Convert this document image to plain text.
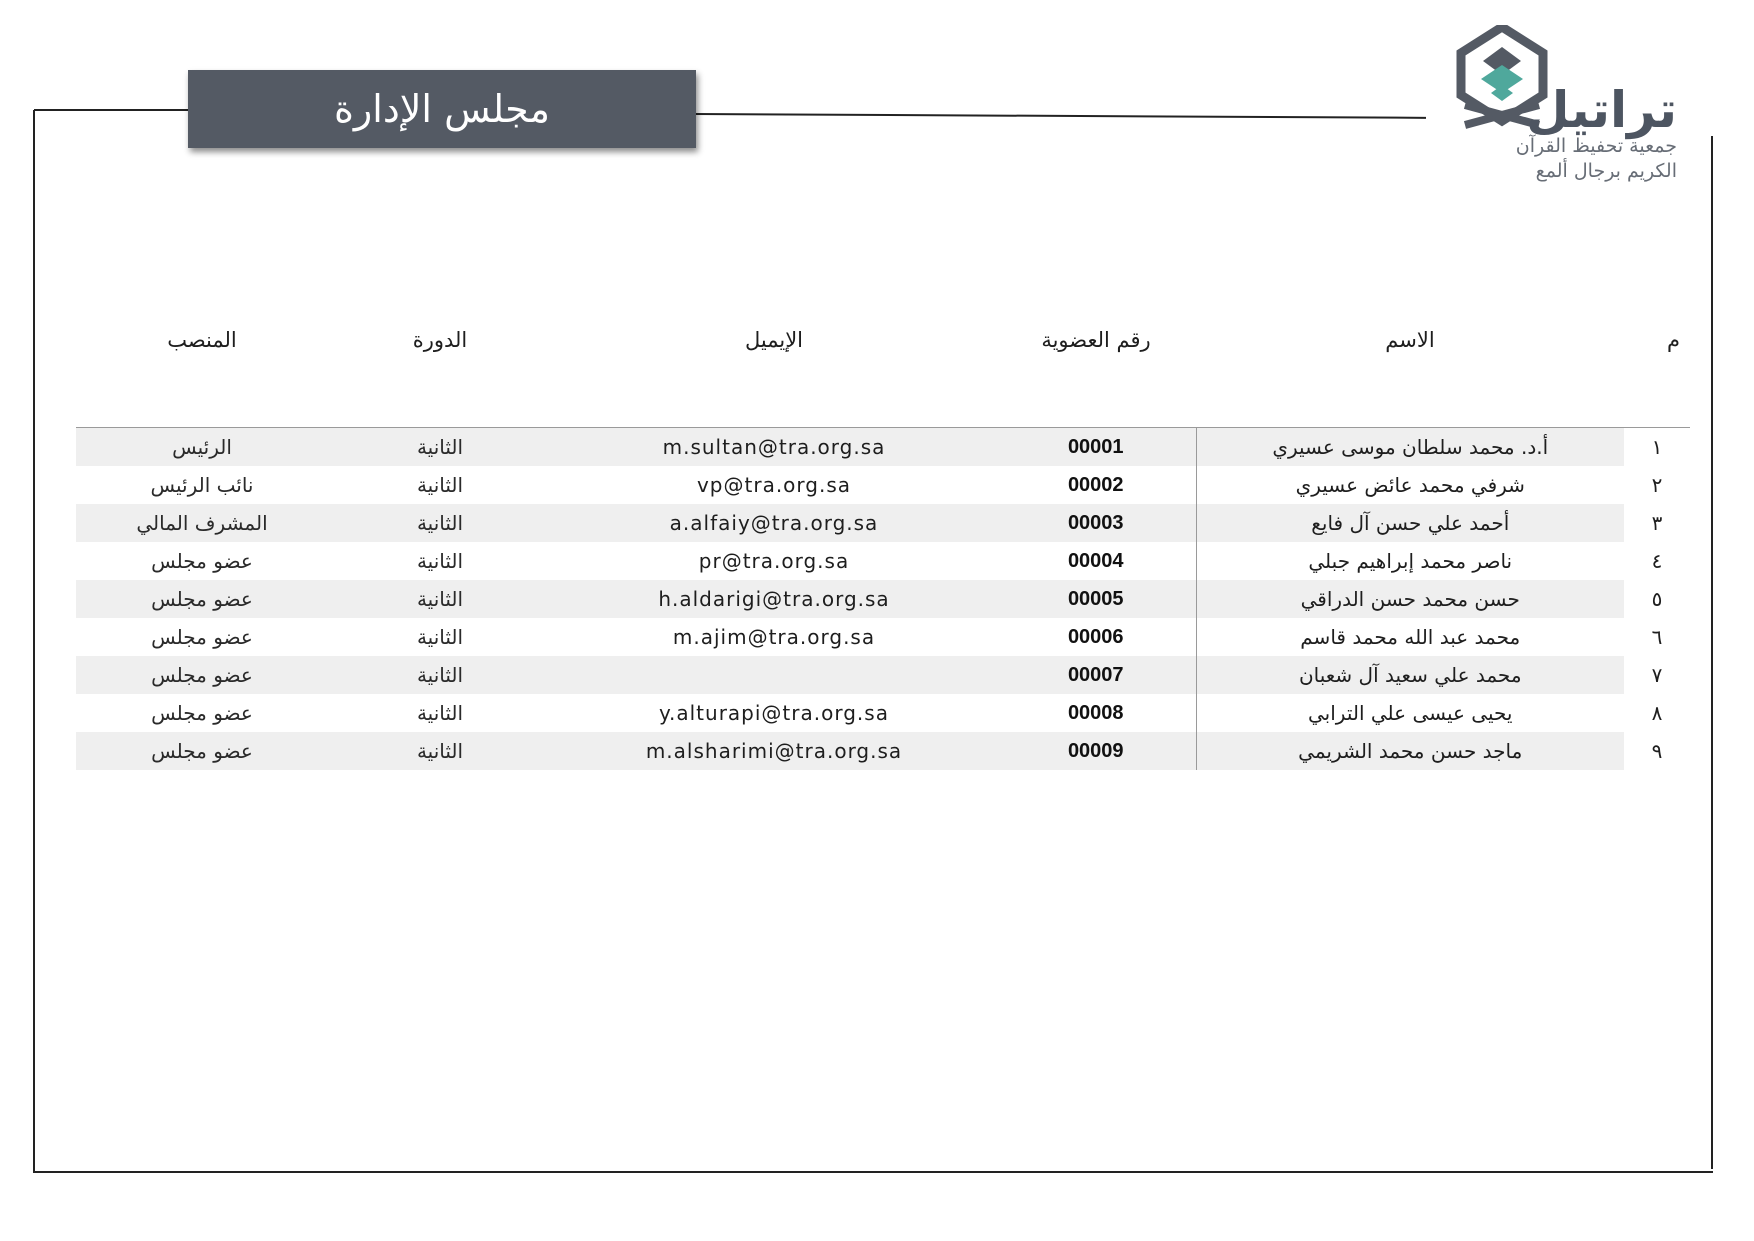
مجلس الإدارة	تراتيل
جمعية تحفيظ القرآن
الكريم برجال ألمع
م	الاسم	رقم العضوية	الإيميل	الدورة	المنصب
١	أ.د. محمد سلطان موسى عسيري	00001	m.sultan@tra.org.sa	الثانية	الرئيس
٢	شرفي محمد عائض عسيري	00002	vp@tra.org.sa	الثانية	نائب الرئيس
٣	أحمد علي حسن آل فايع	00003	a.alfaiy@tra.org.sa	الثانية	المشرف المالي
٤	ناصر محمد إبراهيم جبلي	00004	pr@tra.org.sa	الثانية	عضو مجلس
٥	حسن محمد حسن الدراقي	00005	h.aldarigi@tra.org.sa	الثانية	عضو مجلس
٦	محمد عبد الله محمد قاسم	00006	m.ajim@tra.org.sa	الثانية	عضو مجلس
٧	محمد علي سعيد آل شعبان	00007		الثانية	عضو مجلس
٨	يحيى عيسى علي الترابي	00008	y.alturapi@tra.org.sa	الثانية	عضو مجلس
٩	ماجد حسن محمد الشريمي	00009	m.alsharimi@tra.org.sa	الثانية	عضو مجلس
